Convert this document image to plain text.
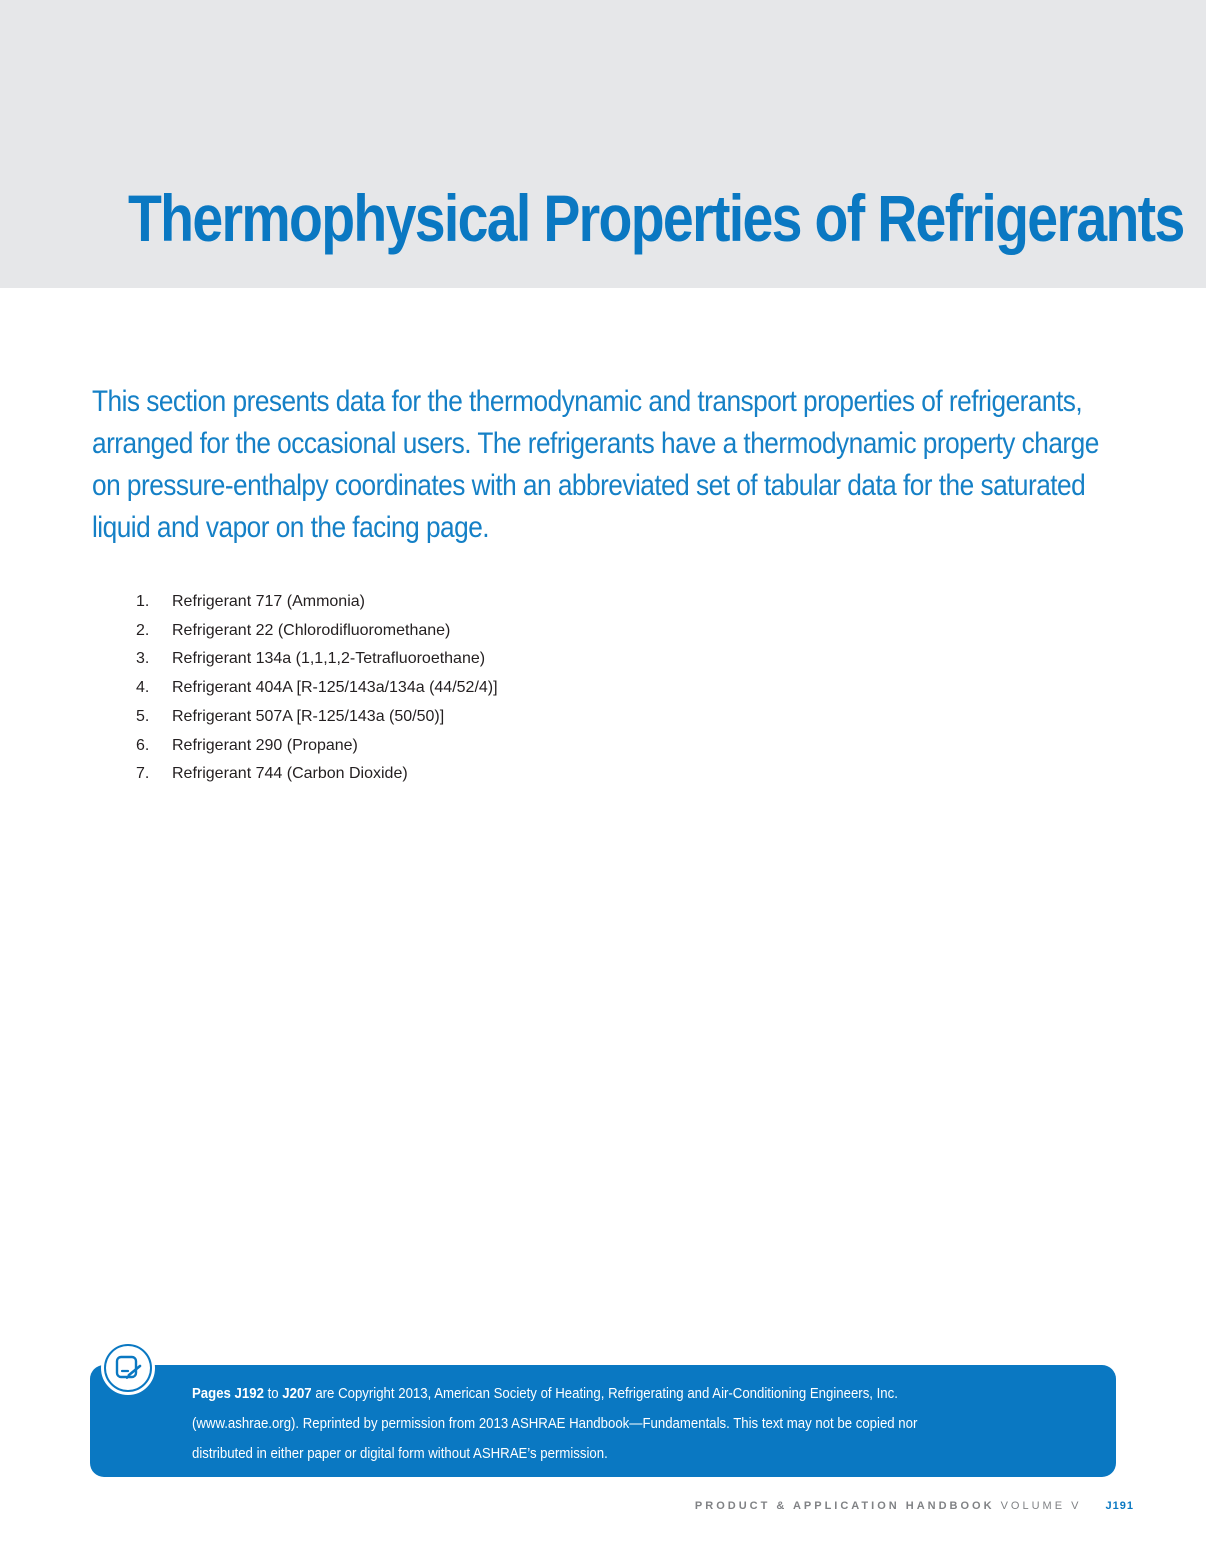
Thermophysical Properties of Refrigerants

This section presents data for the thermodynamic and transport properties of refrigerants,
arranged for the occasional users. The refrigerants have a thermodynamic property charge
on pressure-enthalpy coordinates with an abbreviated set of tabular data for the saturated
liquid and vapor on the facing page.

1.	Refrigerant 717 (Ammonia)
2.	Refrigerant 22 (Chlorodifluoromethane)
3.	Refrigerant 134a (1,1,1,2-Tetrafluoroethane)
4.	Refrigerant 404A [R-125/143a/134a (44/52/4)]
5.	Refrigerant 507A [R-125/143a (50/50)]
6.	Refrigerant 290 (Propane)
7.	Refrigerant 744 (Carbon Dioxide)

Pages J192 to J207 are Copyright 2013, American Society of Heating, Refrigerating and Air-Conditioning Engineers, Inc.
(www.ashrae.org). Reprinted by permission from 2013 ASHRAE Handbook—Fundamentals. This text may not be copied nor
distributed in either paper or digital form without ASHRAE’s permission.

PRODUCT & APPLICATION HANDBOOK VOLUME V J191
